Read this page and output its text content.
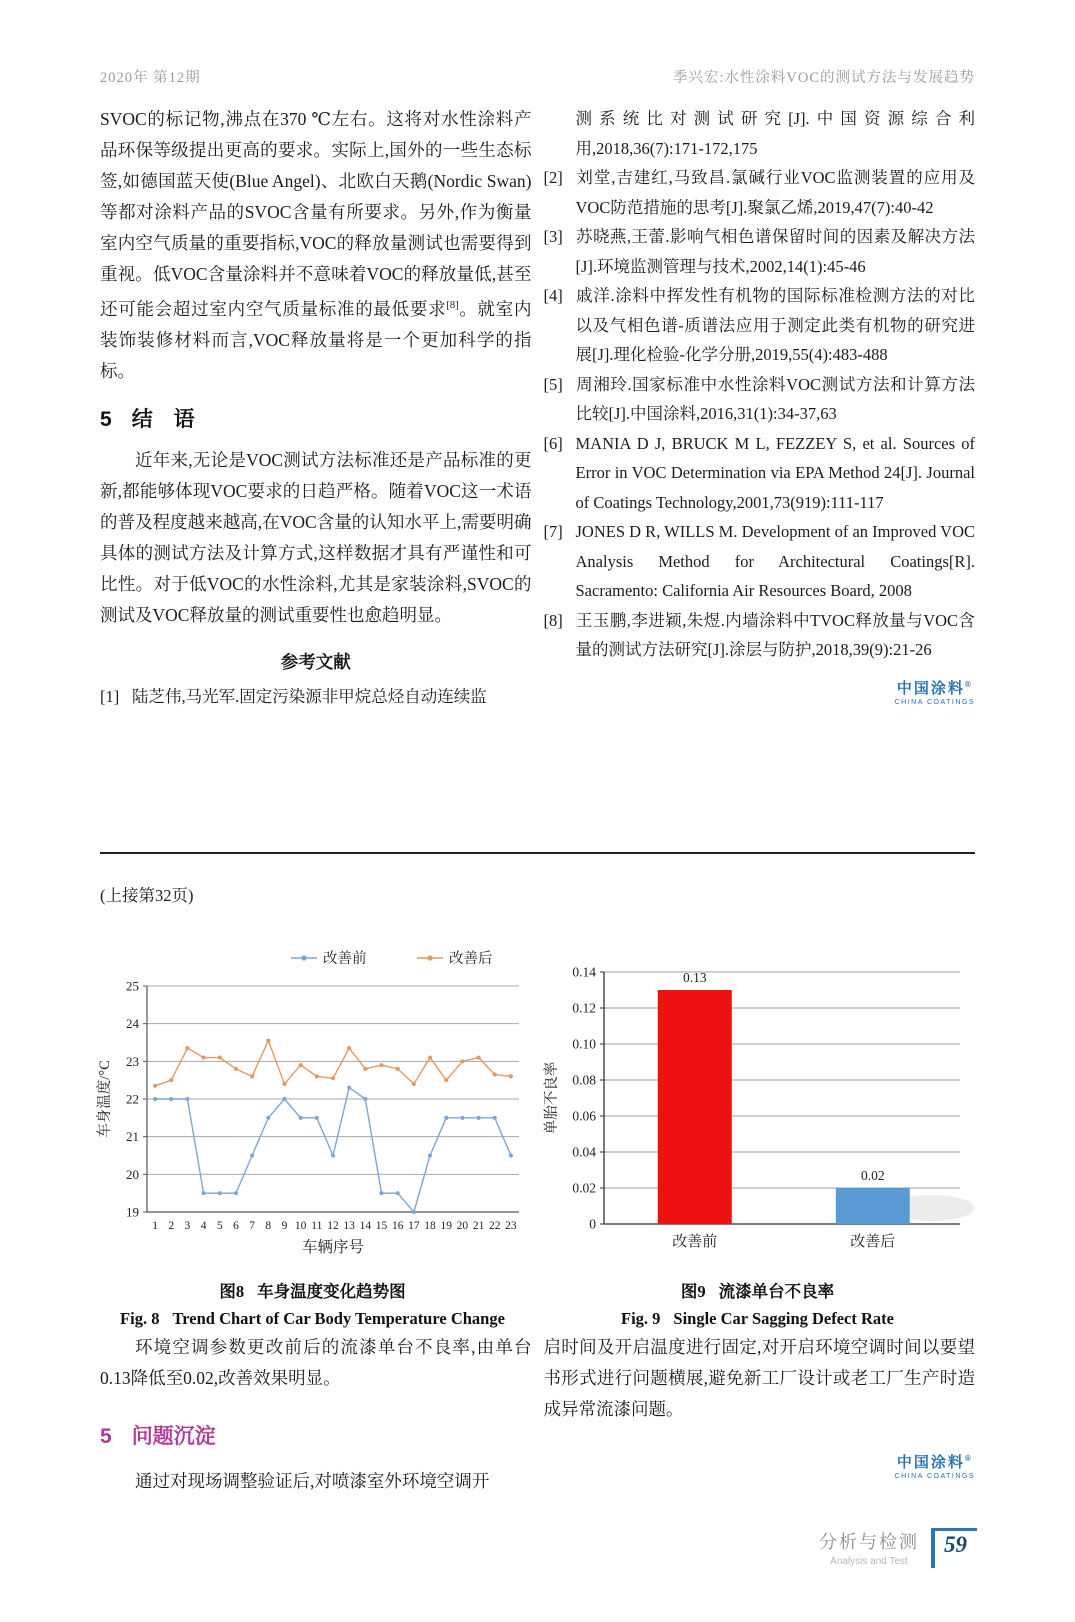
2020年 第12期	季兴宏:水性涂料VOC的测试方法与发展趋势

SVOC的标记物,沸点在370 ℃左右。这将对水性涂料产品环保等级提出更高的要求。实际上,国外的一些生态标签,如德国蓝天使(Blue Angel)、北欧白天鹅(Nordic Swan)等都对涂料产品的SVOC含量有所要求。另外,作为衡量室内空气质量的重要指标,VOC的释放量测试也需要得到重视。低VOC含量涂料并不意味着VOC的释放量低,甚至还可能会超过室内空气质量标准的最低要求[8]。就室内装饰装修材料而言,VOC释放量将是一个更加科学的指标。

5 结　语

近年来,无论是VOC测试方法标准还是产品标准的更新,都能够体现VOC要求的日趋严格。随着VOC这一术语的普及程度越来越高,在VOC含量的认知水平上,需要明确具体的测试方法及计算方式,这样数据才具有严谨性和可比性。对于低VOC的水性涂料,尤其是家装涂料,SVOC的测试及VOC释放量的测试重要性也愈趋明显。

参考文献
[1] 陆芝伟,马光军.固定污染源非甲烷总烃自动连续监
测系统比对测试研究[J].中国资源综合利用,2018,36(7):171-172,175
[2] 刘堂,吉建红,马致昌.氯碱行业VOC监测装置的应用及VOC防范措施的思考[J].聚氯乙烯,2019,47(7):40-42
[3] 苏晓燕,王蕾.影响气相色谱保留时间的因素及解决方法[J].环境监测管理与技术,2002,14(1):45-46
[4] 戚洋.涂料中挥发性有机物的国际标准检测方法的对比以及气相色谱-质谱法应用于测定此类有机物的研究进展[J].理化检验-化学分册,2019,55(4):483-488
[5] 周湘玲.国家标准中水性涂料VOC测试方法和计算方法比较[J].中国涂料,2016,31(1):34-37,63
[6] MANIA D J, BRUCK M L, FEZZEY S, et al. Sources of Error in VOC Determination via EPA Method 24[J]. Journal of Coatings Technology,2001,73(919):111-117
[7] JONES D R, WILLS M. Development of an Improved VOC Analysis Method for Architectural Coatings[R]. Sacramento: California Air Resources Board, 2008
[8] 王玉鹏,李进颖,朱煜.内墙涂料中TVOC释放量与VOC含量的测试方法研究[J].涂层与防护,2018,39(9):21-26
中国涂料®
CHINA COATINGS
(上接第32页)
19
20
21
22
23
24
25
1 2 3 4 5 6 7 8 9 10 11 12 13 14 15 16 17 18 19 20 21 22 23
车辆序号
车身温度/°C
改善前	改善后
图8 车身温度变化趋势图
Fig. 8 Trend Chart of Car Body Temperature Change
0
0.02
0.04
0.06
0.08
0.10
0.12
0.14	0.13
改善前
0.02
改善后
单胎不良率
图9 流漆单台不良率
Fig. 9 Single Car Sagging Defect Rate

环境空调参数更改前后的流漆单台不良率,由单台0.13降低至0.02,改善效果明显。

5 问题沉淀

通过对现场调整验证后,对喷漆室外环境空调开

启时间及开启温度进行固定,对开启环境空调时间以要望书形式进行问题横展,避免新工厂设计或老工厂生产时造成异常流漆问题。

中国涂料®
CHINA COATINGS
分析与检测
Analysis and Test
59
